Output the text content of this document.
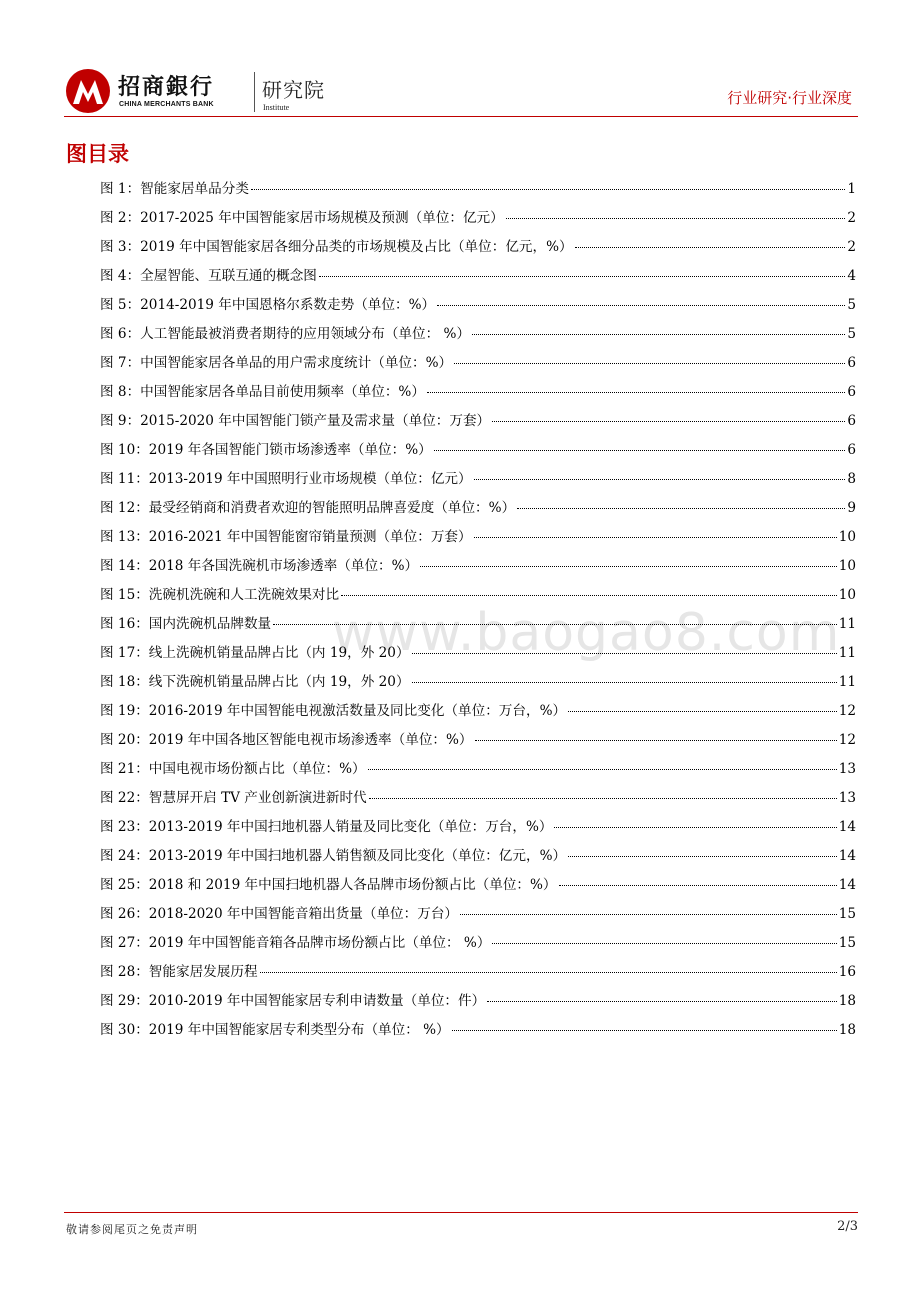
招商銀行
CHINA MERCHANTS BANK
研究院
Institute
行业研究·行业深度
图目录
图 1：智能家居单品分类	1
图 2：2017-2025 年中国智能家居市场规模及预测（单位：亿元）	2
图 3：2019 年中国智能家居各细分品类的市场规模及占比（单位：亿元，%）	2
图 4：全屋智能、互联互通的概念图	4
图 5：2014-2019 年中国恩格尔系数走势（单位：%）	5
图 6：人工智能最被消费者期待的应用领域分布（单位： %）	5
图 7：中国智能家居各单品的用户需求度统计（单位：%）	6
图 8：中国智能家居各单品目前使用频率（单位：%）	6
图 9：2015-2020 年中国智能门锁产量及需求量（单位：万套）	6
图 10：2019 年各国智能门锁市场渗透率（单位：%）	6
图 11：2013-2019 年中国照明行业市场规模（单位：亿元）	8
图 12：最受经销商和消费者欢迎的智能照明品牌喜爱度（单位：%）	9
图 13：2016-2021 年中国智能窗帘销量预测（单位：万套）	10
图 14：2018 年各国洗碗机市场渗透率（单位：%）	10
图 15：洗碗机洗碗和人工洗碗效果对比	10
图 16：国内洗碗机品牌数量	11
图 17：线上洗碗机销量品牌占比（内 19，外 20）	11
图 18：线下洗碗机销量品牌占比（内 19，外 20）	11
图 19：2016-2019 年中国智能电视激活数量及同比变化（单位：万台，%）	12
图 20：2019 年中国各地区智能电视市场渗透率（单位：%）	12
图 21：中国电视市场份额占比（单位：%）	13
图 22：智慧屏开启 TV 产业创新演进新时代	13
图 23：2013-2019 年中国扫地机器人销量及同比变化（单位：万台，%）	14
图 24：2013-2019 年中国扫地机器人销售额及同比变化（单位：亿元，%）	14
图 25：2018 和 2019 年中国扫地机器人各品牌市场份额占比（单位：%）	14
图 26：2018-2020 年中国智能音箱出货量（单位：万台）	15
图 27：2019 年中国智能音箱各品牌市场份额占比（单位： %）	15
图 28：智能家居发展历程	16
图 29：2010-2019 年中国智能家居专利申请数量（单位：件）	18
图 30：2019 年中国智能家居专利类型分布（单位： %）	18
www.baogao8.com
敬请参阅尾页之免责声明	2/3
